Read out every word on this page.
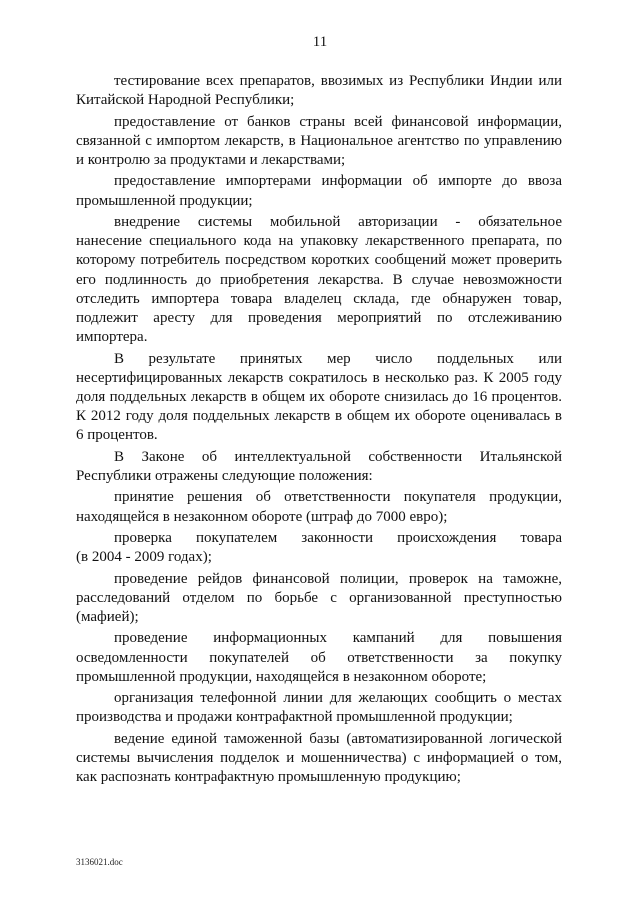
11

тестирование всех препаратов, ввозимых из Республики Индии или
Китайской Народной Республики;

предоставление от банков страны всей финансовой информации,
связанной с импортом лекарств, в Национальное агентство по управлению
и контролю за продуктами и лекарствами;

предоставление импортерами информации об импорте до ввоза
промышленной продукции;

внедрение системы мобильной авторизации - обязательное
нанесение специального кода на упаковку лекарственного препарата, по
которому потребитель посредством коротких сообщений может проверить
его подлинность до приобретения лекарства. В случае невозможности
отследить импортера товара владелец склада, где обнаружен товар,
подлежит аресту для проведения мероприятий по отслеживанию
импортера.

В результате принятых мер число поддельных или
несертифицированных лекарств сократилось в несколько раз. К 2005 году
доля поддельных лекарств в общем их обороте снизилась до 16 процентов.
К 2012 году доля поддельных лекарств в общем их обороте оценивалась в
6 процентов.

В Законе об интеллектуальной собственности Итальянской
Республики отражены следующие положения:

принятие решения об ответственности покупателя продукции,
находящейся в незаконном обороте (штраф до 7000 евро);

проверка покупателем законности происхождения товара
(в 2004 - 2009 годах);

проведение рейдов финансовой полиции, проверок на таможне,
расследований отделом по борьбе с организованной преступностью
(мафией);

проведение информационных кампаний для повышения
осведомленности покупателей об ответственности за покупку
промышленной продукции, находящейся в незаконном обороте;

организация телефонной линии для желающих сообщить о местах
производства и продажи контрафактной промышленной продукции;

ведение единой таможенной базы (автоматизированной логической
системы вычисления подделок и мошенничества) с информацией о том,
как распознать контрафактную промышленную продукцию;

3136021.doc
